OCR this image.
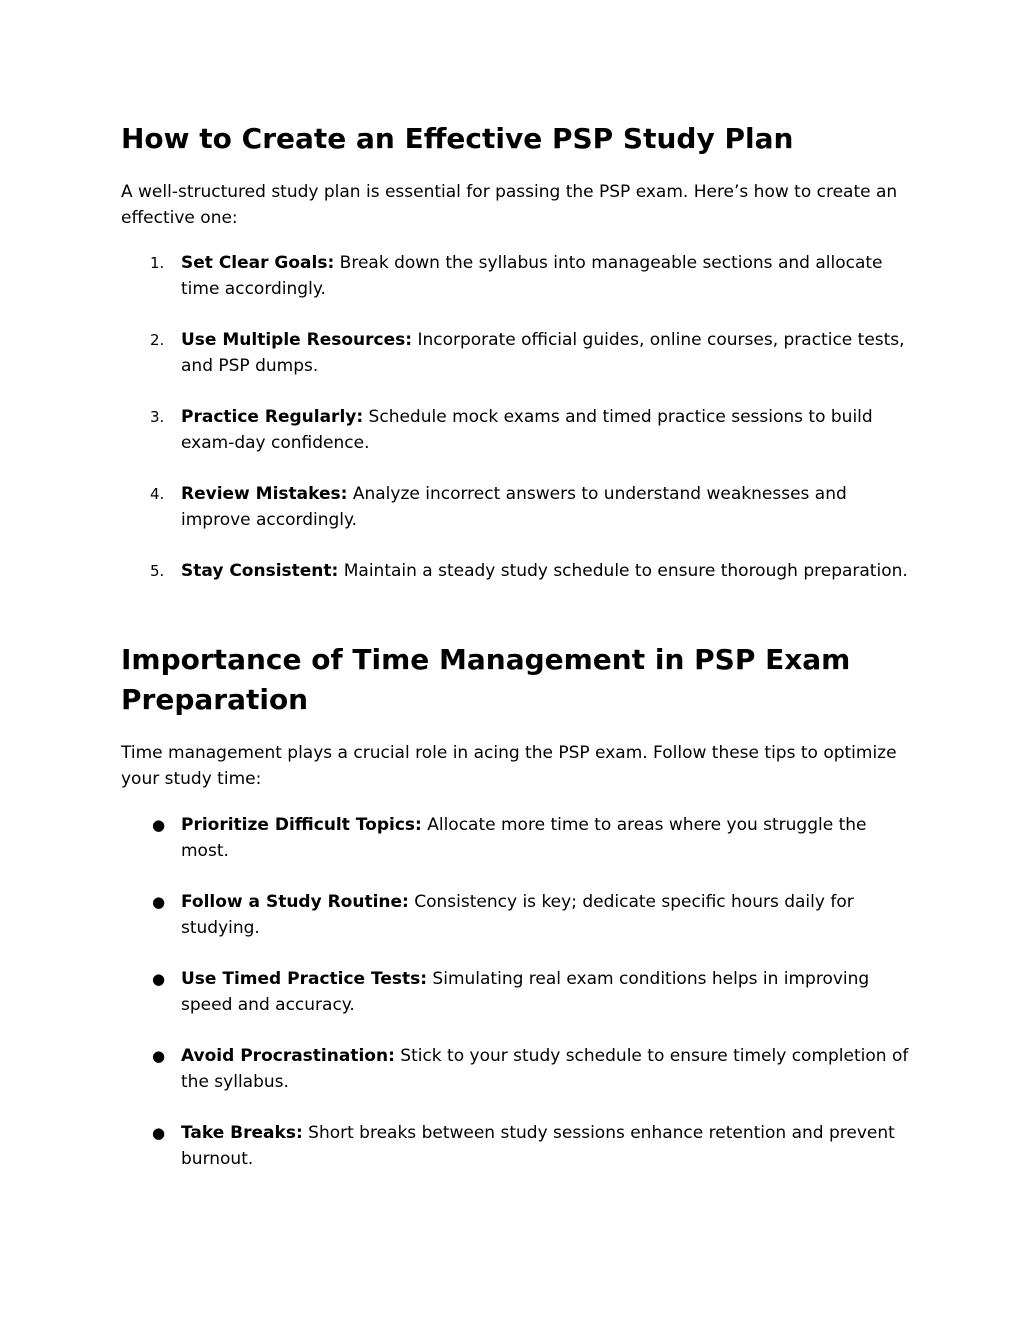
How to Create an Effective PSP Study Plan

A well-structured study plan is essential for passing the PSP exam. Here’s how to create an effective one:

1. Set Clear Goals: Break down the syllabus into manageable sections and allocate time accordingly.
2. Use Multiple Resources: Incorporate official guides, online courses, practice tests, and PSP dumps.
3. Practice Regularly: Schedule mock exams and timed practice sessions to build exam-day confidence.
4. Review Mistakes: Analyze incorrect answers to understand weaknesses and improve accordingly.
5. Stay Consistent: Maintain a steady study schedule to ensure thorough preparation.
Importance of Time Management in PSP Exam Preparation

Time management plays a crucial role in acing the PSP exam. Follow these tips to optimize your study time:

● Prioritize Difficult Topics: Allocate more time to areas where you struggle the most.
● Follow a Study Routine: Consistency is key; dedicate specific hours daily for studying.
● Use Timed Practice Tests: Simulating real exam conditions helps in improving speed and accuracy.
● Avoid Procrastination: Stick to your study schedule to ensure timely completion of the syllabus.
● Take Breaks: Short breaks between study sessions enhance retention and prevent burnout.
